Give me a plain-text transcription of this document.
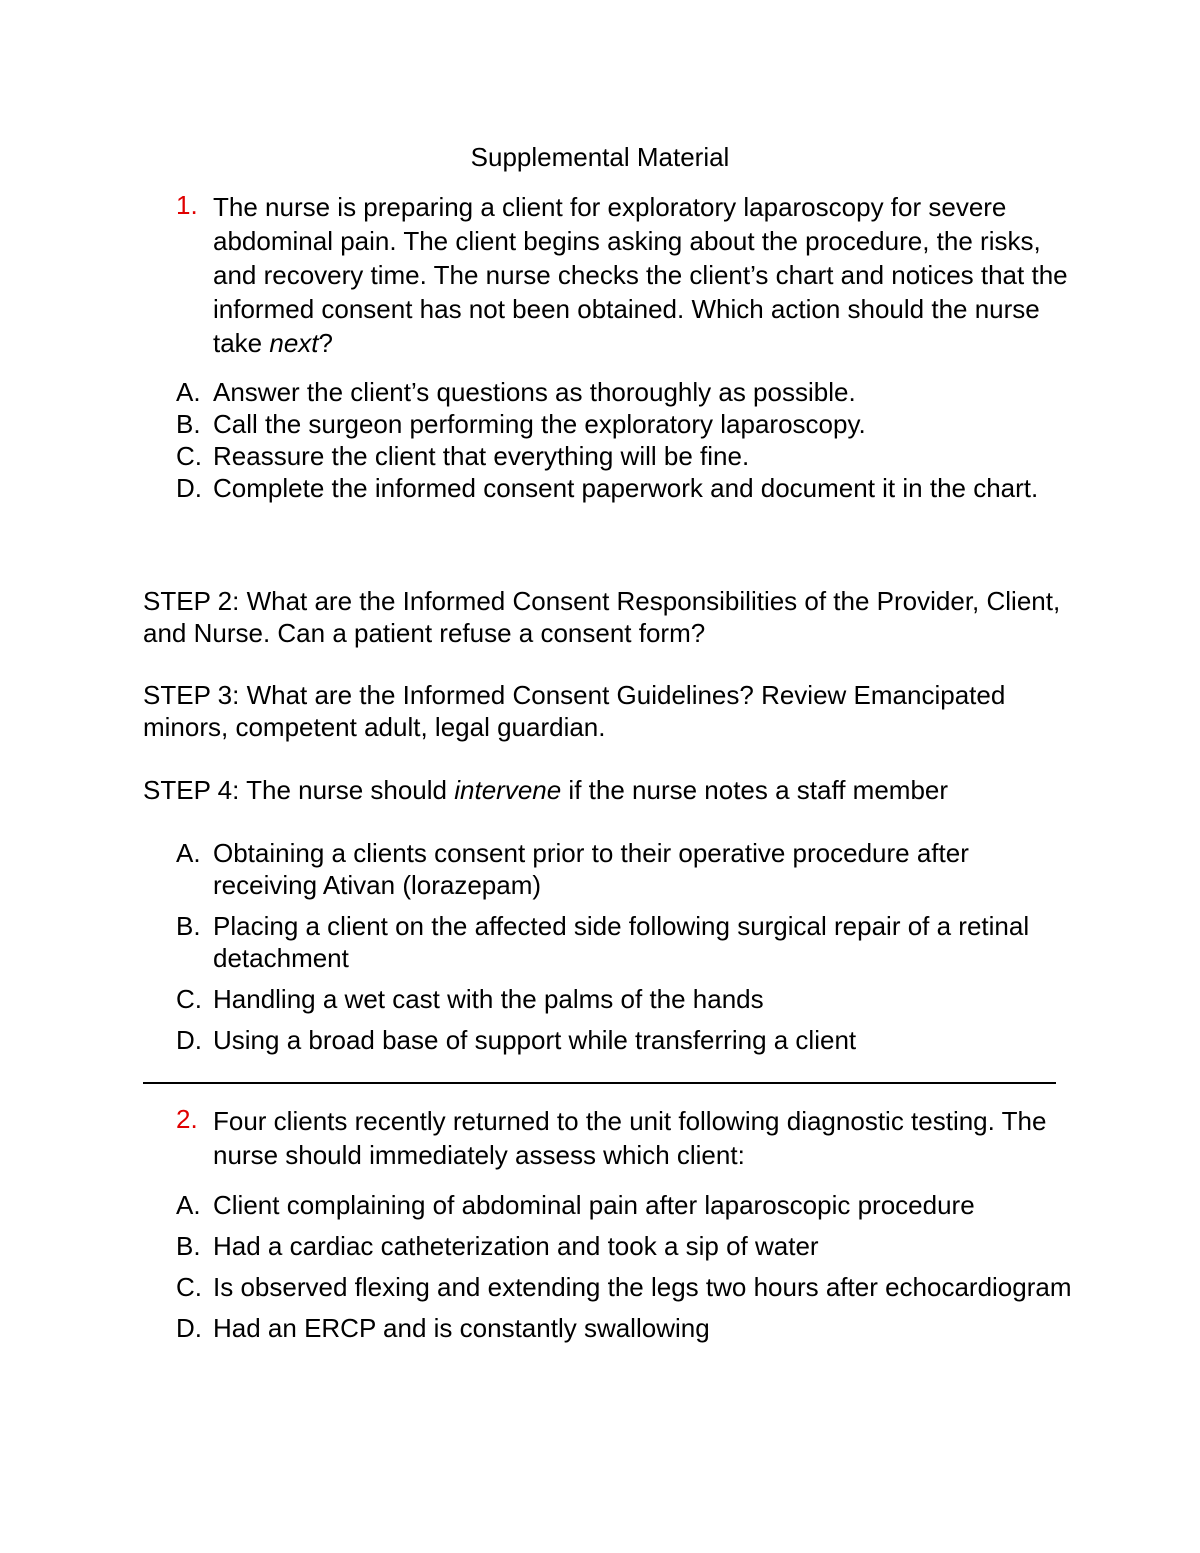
Supplemental Material
1. The nurse is preparing a client for exploratory laparoscopy for severe abdominal pain. The client begins asking about the procedure, the risks, and recovery time. The nurse checks the client’s chart and notices that the informed consent has not been obtained. Which action should the nurse take next?
A. Answer the client’s questions as thoroughly as possible.
B. Call the surgeon performing the exploratory laparoscopy.
C. Reassure the client that everything will be fine.
D. Complete the informed consent paperwork and document it in the chart.
STEP 2: What are the Informed Consent Responsibilities of the Provider, Client, and Nurse. Can a patient refuse a consent form?
STEP 3: What are the Informed Consent Guidelines? Review Emancipated minors, competent adult, legal guardian.
STEP 4: The nurse should intervene if the nurse notes a staff member
A. Obtaining a clients consent prior to their operative procedure after receiving Ativan (lorazepam)
B. Placing a client on the affected side following surgical repair of a retinal detachment
C. Handling a wet cast with the palms of the hands
D. Using a broad base of support while transferring a client
2. Four clients recently returned to the unit following diagnostic testing. The nurse should immediately assess which client:
A. Client complaining of abdominal pain after laparoscopic procedure
B. Had a cardiac catheterization and took a sip of water
C. Is observed flexing and extending the legs two hours after echocardiogram
D. Had an ERCP and is constantly swallowing
